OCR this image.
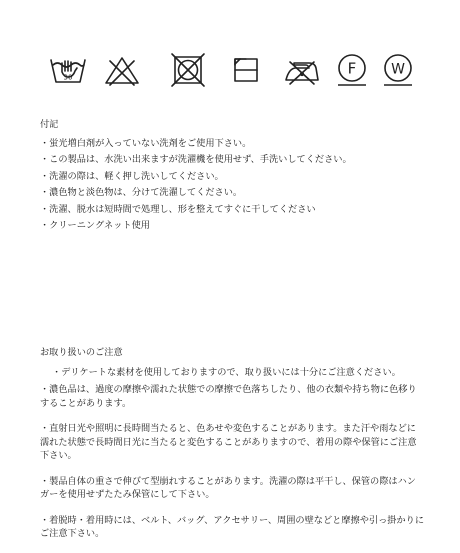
30	F W

付記

・蛍光増白剤が入っていない洗剤をご使用下さい。

・この製品は、水洗い出来ますが洗濯機を使用せず、手洗いしてください。

・洗濯の際は、軽く押し洗いしてください。

・濃色物と淡色物は、分けて洗濯してください。

・洗濯、脱水は短時間で処理し、形を整えてすぐに干してください

・クリーニングネット使用

お取り扱いのご注意

・デリケートな素材を使用しておりますので、取り扱いには十分にご注意ください。

・濃色品は、過度の摩擦や濡れた状態での摩擦で色落ちしたり、他の衣類や持ち物に色移りすることがあります。

・直射日光や照明に長時間当たると、色あせや変色することがあります。また汗や雨などに濡れた状態で長時間日光に当たると変色することがありますので、着用の際や保管にご注意下さい。

・製品自体の重さで伸びて型崩れすることがあります。洗濯の際は平干し、保管の際はハンガーを使用せずたたみ保管にして下さい。

・着脱時・着用時には、ベルト、バッグ、アクセサリー、周囲の壁などと摩擦や引っ掛かりにご注意下さい。
